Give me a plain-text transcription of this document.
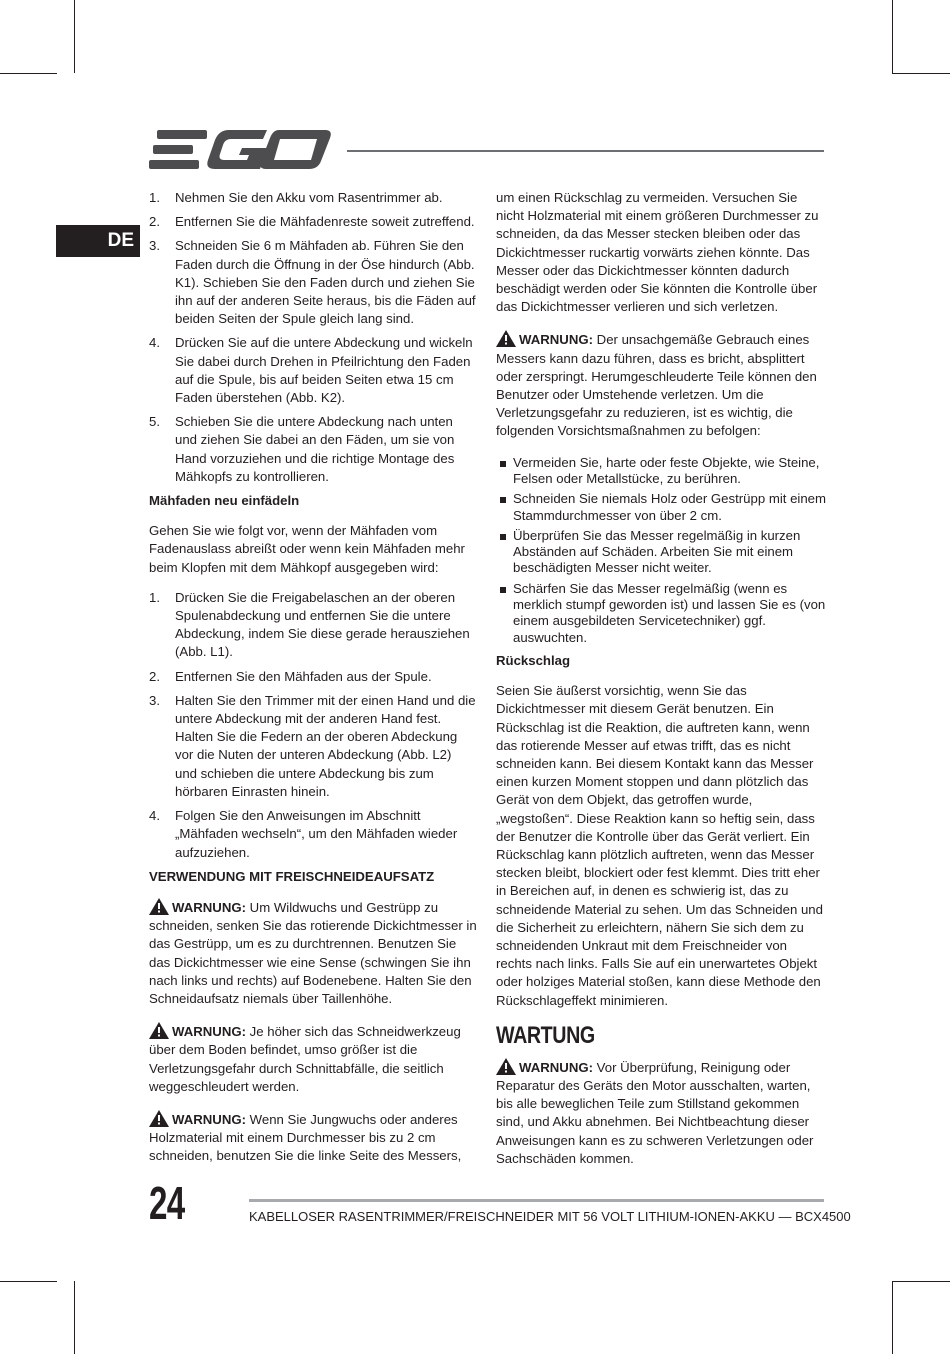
DE
1. Nehmen Sie den Akku vom Rasentrimmer ab.
2. Entfernen Sie die Mähfadenreste soweit zutreffend.
3. Schneiden Sie 6 m Mähfaden ab. Führen Sie den Faden durch die Öffnung in der Öse hindurch (Abb. K1). Schieben Sie den Faden durch und ziehen Sie ihn auf der anderen Seite heraus, bis die Fäden auf beiden Seiten der Spule gleich lang sind.
4. Drücken Sie auf die untere Abdeckung und wickeln Sie dabei durch Drehen in Pfeilrichtung den Faden auf die Spule, bis auf beiden Seiten etwa 15 cm Faden überstehen (Abb. K2).
5. Schieben Sie die untere Abdeckung nach unten und ziehen Sie dabei an den Fäden, um sie von Hand vorzuziehen und die richtige Montage des Mähkopfs zu kontrollieren.
Mähfaden neu einfädeln

Gehen Sie wie folgt vor, wenn der Mähfaden vom Fadenauslass abreißt oder wenn kein Mähfaden mehr beim Klopfen mit dem Mähkopf ausgegeben wird:

1. Drücken Sie die Freigabelaschen an der oberen Spulenabdeckung und entfernen Sie die untere Abdeckung, indem Sie diese gerade herausziehen (Abb. L1).
2. Entfernen Sie den Mähfaden aus der Spule.
3. Halten Sie den Trimmer mit der einen Hand und die untere Abdeckung mit der anderen Hand fest. Halten Sie die Federn an der oberen Abdeckung vor die Nuten der unteren Abdeckung (Abb. L2) und schieben die untere Abdeckung bis zum hörbaren Einrasten hinein.
4. Folgen Sie den Anweisungen im Abschnitt „Mähfaden wechseln“, um den Mähfaden wieder aufzuziehen.
VERWENDUNG MIT FREISCHNEIDEAUFSATZ

WARNUNG: Um Wildwuchs und Gestrüpp zu schneiden, senken Sie das rotierende Dickichtmesser in das Gestrüpp, um es zu durchtrennen. Benutzen Sie das Dickichtmesser wie eine Sense (schwingen Sie ihn nach links und rechts) auf Bodenebene. Halten Sie den Schneidaufsatz niemals über Taillenhöhe.

WARNUNG: Je höher sich das Schneidwerkzeug über dem Boden befindet, umso größer ist die Verletzungsgefahr durch Schnittabfälle, die seitlich weggeschleudert werden.

WARNUNG: Wenn Sie Jungwuchs oder anderes Holzmaterial mit einem Durchmesser bis zu 2 cm schneiden, benutzen Sie die linke Seite des Messers,

um einen Rückschlag zu vermeiden. Versuchen Sie nicht Holzmaterial mit einem größeren Durchmesser zu schneiden, da das Messer stecken bleiben oder das Dickichtmesser ruckartig vorwärts ziehen könnte. Das Messer oder das Dickichtmesser könnten dadurch beschädigt werden oder Sie könnten die Kontrolle über das Dickichtmesser verlieren und sich verletzen.

WARNUNG: Der unsachgemäße Gebrauch eines Messers kann dazu führen, dass es bricht, absplittert oder zerspringt. Herumgeschleuderte Teile können den Benutzer oder Umstehende verletzen. Um die Verletzungsgefahr zu reduzieren, ist es wichtig, die folgenden Vorsichtsmaßnahmen zu befolgen:

Vermeiden Sie, harte oder feste Objekte, wie Steine, Felsen oder Metallstücke, zu berühren.
Schneiden Sie niemals Holz oder Gestrüpp mit einem Stammdurchmesser von über 2 cm.
Überprüfen Sie das Messer regelmäßig in kurzen Abständen auf Schäden. Arbeiten Sie mit einem beschädigten Messer nicht weiter.
Schärfen Sie das Messer regelmäßig (wenn es merklich stumpf geworden ist) und lassen Sie es (von einem ausgebildeten Servicetechniker) ggf. auswuchten.
Rückschlag

Seien Sie äußerst vorsichtig, wenn Sie das Dickichtmesser mit diesem Gerät benutzen. Ein Rückschlag ist die Reaktion, die auftreten kann, wenn das rotierende Messer auf etwas trifft, das es nicht schneiden kann. Bei diesem Kontakt kann das Messer einen kurzen Moment stoppen und dann plötzlich das Gerät von dem Objekt, das getroffen wurde, „wegstoßen“. Diese Reaktion kann so heftig sein, dass der Benutzer die Kontrolle über das Gerät verliert. Ein Rückschlag kann plötzlich auftreten, wenn das Messer stecken bleibt, blockiert oder fest klemmt. Dies tritt eher in Bereichen auf, in denen es schwierig ist, das zu schneidende Material zu sehen. Um das Schneiden und die Sicherheit zu erleichtern, nähern Sie sich dem zu schneidenden Unkraut mit dem Freischneider von rechts nach links. Falls Sie auf ein unerwartetes Objekt oder holziges Material stoßen, kann diese Methode den Rückschlageffekt minimieren.

WARTUNG

WARNUNG: Vor Überprüfung, Reinigung oder Reparatur des Geräts den Motor ausschalten, warten, bis alle beweglichen Teile zum Stillstand gekommen sind, und Akku abnehmen. Bei Nichtbeachtung dieser Anweisungen kann es zu schweren Verletzungen oder Sachschäden kommen.

24	KABELLOSER RASENTRIMMER/FREISCHNEIDER MIT 56 VOLT LITHIUM-IONEN-AKKU — BCX4500
